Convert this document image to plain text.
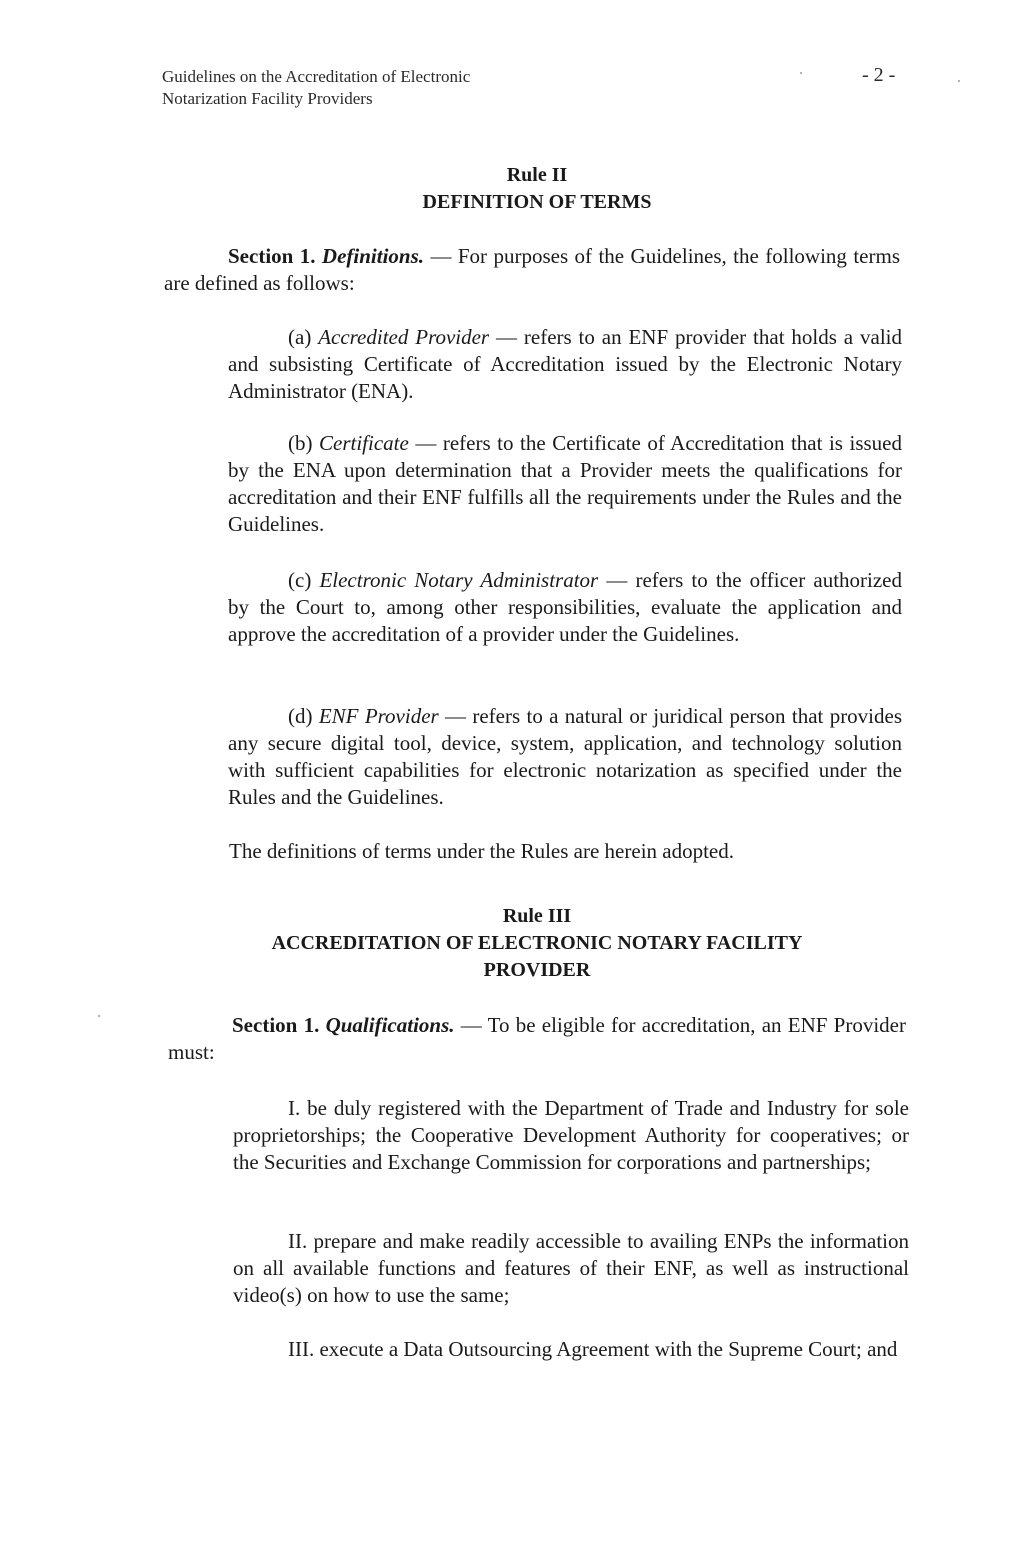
Guidelines on the Accreditation of Electronic
Notarization Facility Providers
- 2 -
Rule II
DEFINITION OF TERMS
Section 1. Definitions. — For purposes of the Guidelines, the following terms are defined as follows:
(a) Accredited Provider — refers to an ENF provider that holds a valid and subsisting Certificate of Accreditation issued by the Electronic Notary Administrator (ENA).
(b) Certificate — refers to the Certificate of Accreditation that is issued by the ENA upon determination that a Provider meets the qualifications for accreditation and their ENF fulfills all the requirements under the Rules and the Guidelines.
(c) Electronic Notary Administrator — refers to the officer authorized by the Court to, among other responsibilities, evaluate the application and approve the accreditation of a provider under the Guidelines.
(d) ENF Provider — refers to a natural or juridical person that provides any secure digital tool, device, system, application, and technology solution with sufficient capabilities for electronic notarization as specified under the Rules and the Guidelines.
The definitions of terms under the Rules are herein adopted.
Rule III
ACCREDITATION OF ELECTRONIC NOTARY FACILITY
PROVIDER
Section 1. Qualifications. — To be eligible for accreditation, an ENF Provider must:
I. be duly registered with the Department of Trade and Industry for sole proprietorships; the Cooperative Development Authority for cooperatives; or the Securities and Exchange Commission for corporations and partnerships;
II. prepare and make readily accessible to availing ENPs the information on all available functions and features of their ENF, as well as instructional video(s) on how to use the same;
III. execute a Data Outsourcing Agreement with the Supreme Court; and
